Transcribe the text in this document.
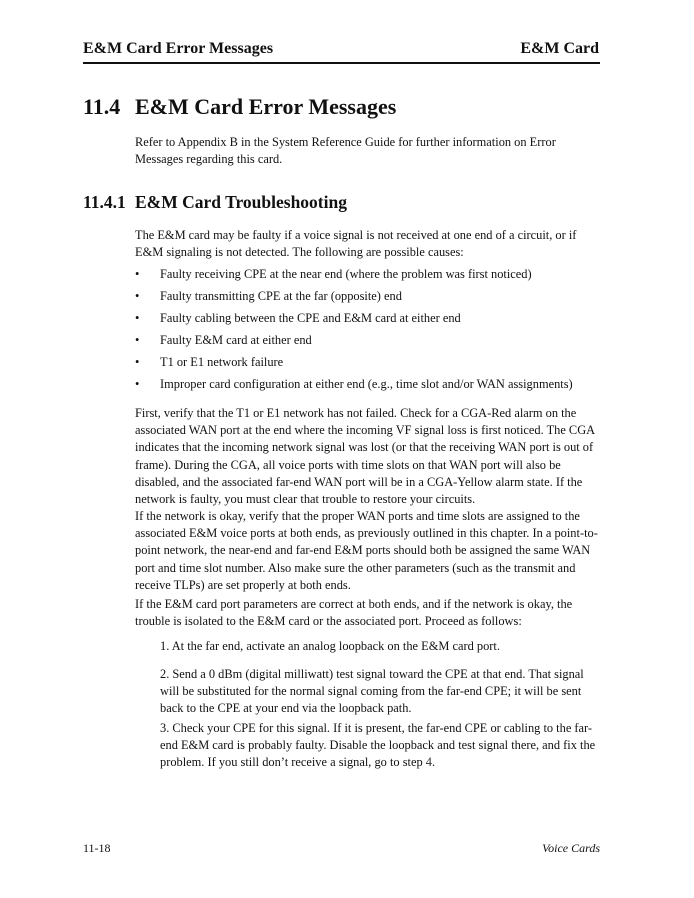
E&M Card Error Messages	E&M Card
11.4 E&M Card Error Messages

Refer to Appendix B in the System Reference Guide for further information on Error Messages regarding this card.

11.4.1 E&M Card Troubleshooting

The E&M card may be faulty if a voice signal is not received at one end of a circuit, or if E&M signaling is not detected. The following are possible causes:

• Faulty receiving CPE at the near end (where the problem was first noticed)
• Faulty transmitting CPE at the far (opposite) end
• Faulty cabling between the CPE and E&M card at either end
• Faulty E&M card at either end
• T1 or E1 network failure
• Improper card configuration at either end (e.g., time slot and/or WAN assignments)

First, verify that the T1 or E1 network has not failed. Check for a CGA-Red alarm on the associated WAN port at the end where the incoming VF signal loss is first noticed. The CGA indicates that the incoming network signal was lost (or that the receiving WAN port is out of frame). During the CGA, all voice ports with time slots on that WAN port will also be disabled, and the associated far-end WAN port will be in a CGA-Yellow alarm state. If the network is faulty, you must clear that trouble to restore your circuits.

If the network is okay, verify that the proper WAN ports and time slots are assigned to the associated E&M voice ports at both ends, as previously outlined in this chapter. In a point-to-point network, the near-end and far-end E&M ports should both be assigned the same WAN port and time slot number. Also make sure the other parameters (such as the transmit and receive TLPs) are set properly at both ends.

If the E&M card port parameters are correct at both ends, and if the network is okay, the trouble is isolated to the E&M card or the associated port. Proceed as follows:

1. At the far end, activate an analog loopback on the E&M card port.

2. Send a 0 dBm (digital milliwatt) test signal toward the CPE at that end. That signal will be substituted for the normal signal coming from the far-end CPE; it will be sent back to the CPE at your end via the loopback path.

3. Check your CPE for this signal. If it is present, the far-end CPE or cabling to the far-end E&M card is probably faulty. Disable the loopback and test signal there, and fix the problem. If you still don’t receive a signal, go to step 4.

11-18	Voice Cards
